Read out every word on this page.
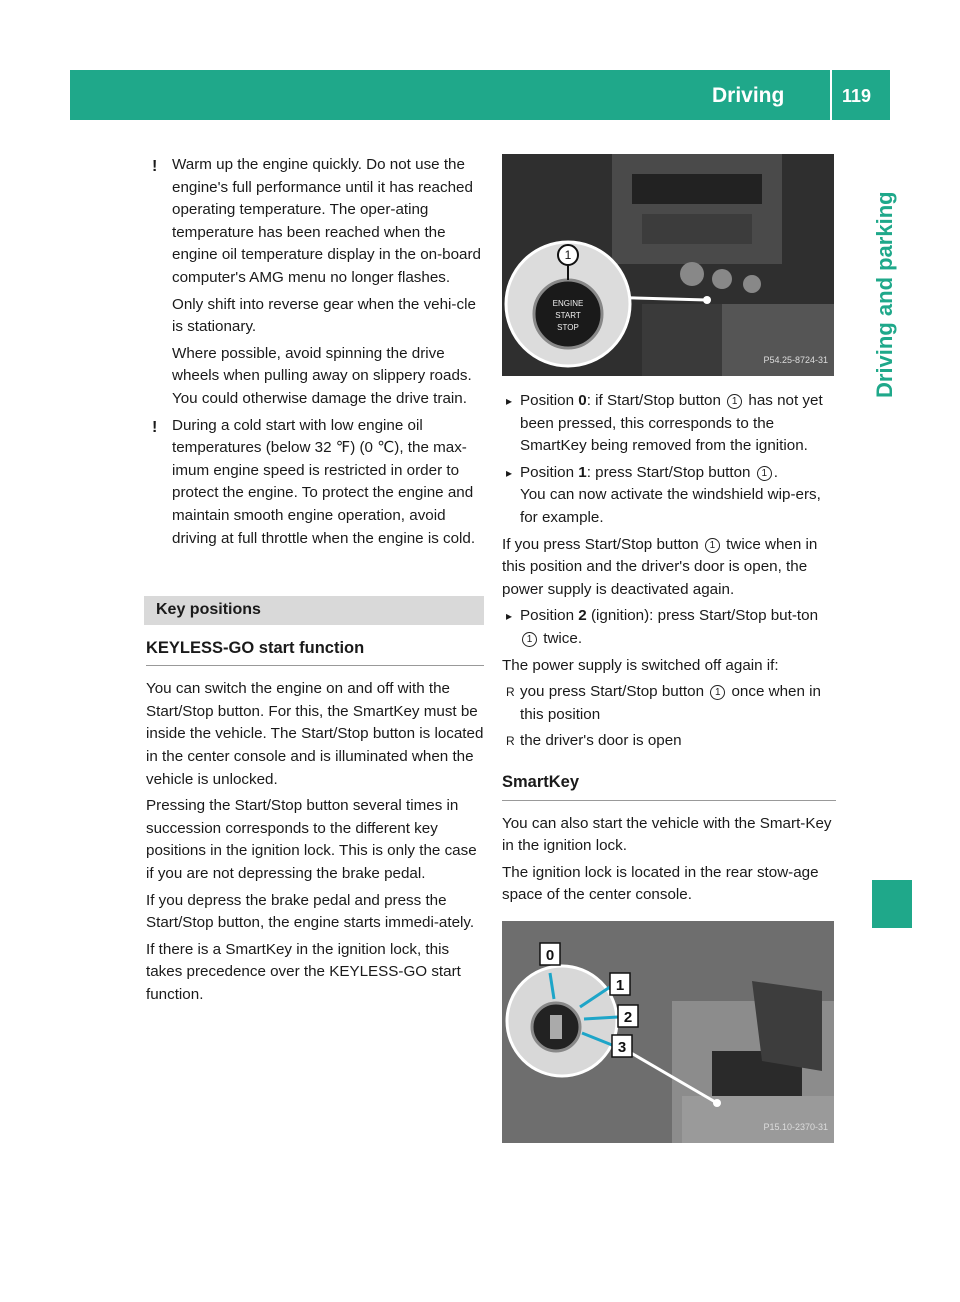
Driving	119
Driving and parking
! Warm up the engine quickly. Do not use the engine's full performance until it has reached operating temperature. The oper-ating temperature has been reached when the engine oil temperature display in the on-board computer's AMG menu no longer flashes.

Only shift into reverse gear when the vehi-cle is stationary.

Where possible, avoid spinning the drive wheels when pulling away on slippery roads. You could otherwise damage the drive train.

! During a cold start with low engine oil temperatures (below 32 ℉) (0 ℃), the max-imum engine speed is restricted in order to protect the engine. To protect the engine and maintain smooth engine operation, avoid driving at full throttle when the engine is cold.

Key positions
KEYLESS-GO start function

You can switch the engine on and off with the Start/Stop button. For this, the SmartKey must be inside the vehicle. The Start/Stop button is located in the center console and is illuminated when the vehicle is unlocked.

Pressing the Start/Stop button several times in succession corresponds to the different key positions in the ignition lock. This is only the case if you are not depressing the brake pedal.

If you depress the brake pedal and press the Start/Stop button, the engine starts immedi-ately.

If there is a SmartKey in the ignition lock, this takes precedence over the KEYLESS-GO start function.

1
ENGINE
START
STOP
P54.25-8724-31

▸ Position 0: if Start/Stop button 1 has not yet been pressed, this corresponds to the SmartKey being removed from the ignition.

▸ Position 1: press Start/Stop button 1 .

You can now activate the windshield wip-ers, for example.

If you press Start/Stop button 1 twice when in this position and the driver's door is open, the power supply is deactivated again.

▸ Position 2 (ignition): press Start/Stop but-ton 1 twice.

The power supply is switched off again if:

R you press Start/Stop button 1 once when in this position

R the driver's door is open

SmartKey

You can also start the vehicle with the Smart-Key in the ignition lock.

The ignition lock is located in the rear stow-age space of the center console.

0
1
2
3
P15.10-2370-31
